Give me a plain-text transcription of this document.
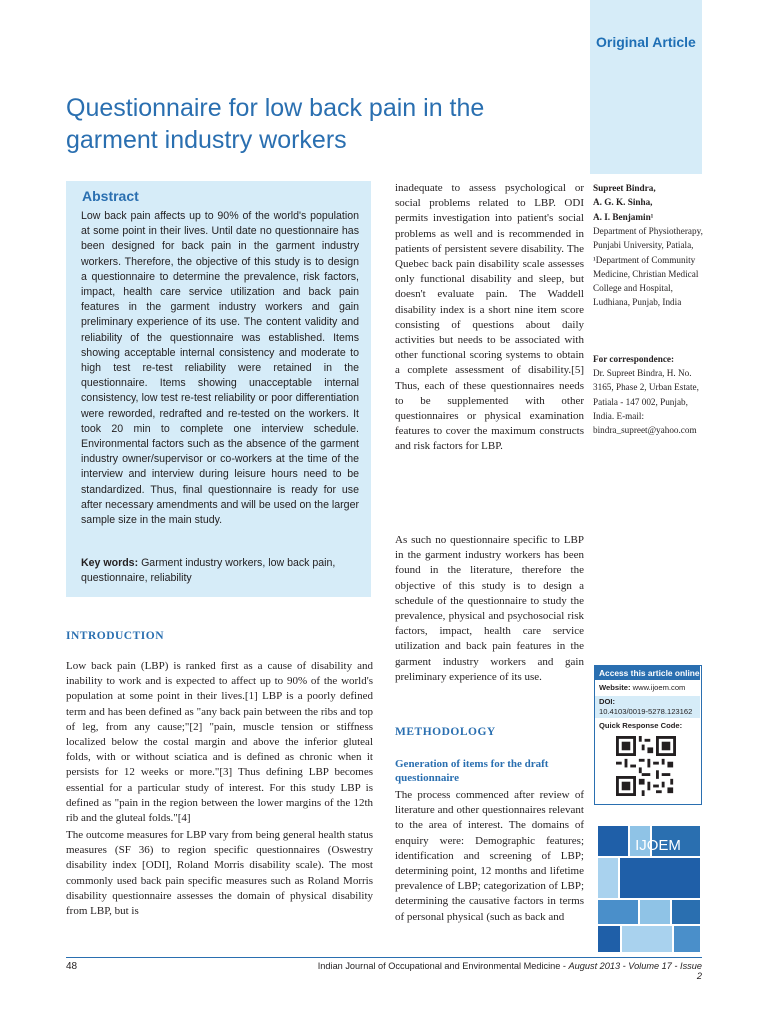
Original Article
Questionnaire for low back pain in the garment industry workers
Abstract
Low back pain affects up to 90% of the world's population at some point in their lives. Until date no questionnaire has been designed for back pain in the garment industry workers. Therefore, the objective of this study is to design a questionnaire to determine the prevalence, risk factors, impact, health care service utilization and back pain features in the garment industry workers and gain preliminary experience of its use. The content validity and reliability of the questionnaire was established. Items showing acceptable internal consistency and moderate to high test re-test reliability were retained in the questionnaire. Items showing unacceptable internal consistency, low test re-test reliability or poor differentiation were reworded, redrafted and re-tested on the workers. It took 20 min to complete one interview schedule. Environmental factors such as the absence of the garment industry owner/supervisor or co-workers at the time of the interview and interview during leisure hours need to be standardized. Thus, final questionnaire is ready for use after necessary amendments and will be used on the larger sample size in the main study.
Key words: Garment industry workers, low back pain, questionnaire, reliability
INTRODUCTION
Low back pain (LBP) is ranked first as a cause of disability and inability to work and is expected to affect up to 90% of the world's population at some point in their lives.[1] LBP is a poorly defined term and has been defined as "any back pain between the ribs and top of leg, from any cause;"[2] "pain, muscle tension or stiffness localized below the costal margin and above the inferior gluteal folds, with or without sciatica and is defined as chronic when it persists for 12 weeks or more."[3] Thus defining LBP becomes essential for a particular study of interest. For this study LBP is defined as "pain in the region between the lower margins of the 12th rib and the gluteal folds."[4]
The outcome measures for LBP vary from being general health status measures (SF 36) to region specific questionnaires (Oswestry disability index [ODI], Roland Morris disability scale). The most commonly used back pain specific measures such as Roland Morris disability questionnaire assesses the domain of physical disability from LBP, but is
inadequate to assess psychological or social problems related to LBP. ODI permits investigation into patient's social problems as well and is recommended in patients of persistent severe disability. The Quebec back pain disability scale assesses only functional disability and sleep, but doesn't evaluate pain. The Waddell disability index is a short nine item score consisting of questions about daily activities but needs to be associated with other functional scoring systems to obtain a complete assessment of disability.[5] Thus, each of these questionnaires needs to be supplemented with other questionnaires or physical examination features to cover the maximum constructs and risk factors for LBP.
As such no questionnaire specific to LBP in the garment industry workers has been found in the literature, therefore the objective of this study is to design a schedule of the questionnaire to study the prevalence, physical and psychosocial risk factors, impact, health care service utilization and back pain features in the garment industry workers and gain preliminary experience of its use.
METHODOLOGY
Generation of items for the draft questionnaire
The process commenced after review of literature and other questionnaires relevant to the area of interest. The domains of enquiry were: Demographic features; identification and screening of LBP; determining point, 12 months and lifetime prevalence of LBP; categorization of LBP; determining the causative factors in terms of personal physical (such as back and
Supreet Bindra,
A. G. K. Sinha,
A. I. Benjamin¹
Department of Physiotherapy, Punjabi University, Patiala, ¹Department of Community Medicine, Christian Medical College and Hospital, Ludhiana, Punjab, India
For correspondence:
Dr. Supreet Bindra, H. No. 3165, Phase 2, Urban Estate, Patiala - 147 002, Punjab, India. E-mail: bindra_supreet@yahoo.com
Access this article online
Website: www.ijoem.com
DOI:
10.4103/0019-5278.123162
Quick Response Code:
IJOEM
48	Indian Journal of Occupational and Environmental Medicine - August 2013 - Volume 17 - Issue 2
